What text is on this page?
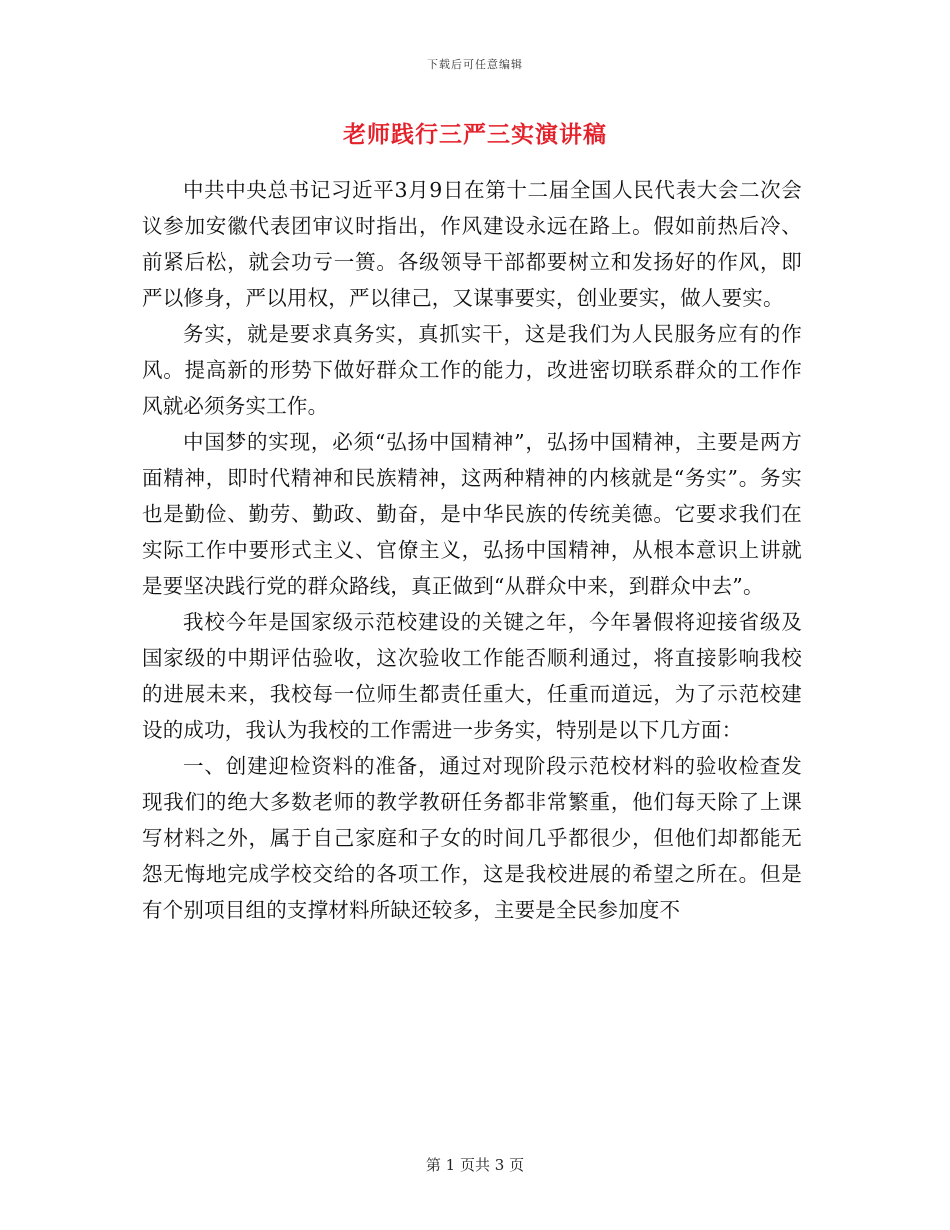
下载后可任意编辑
老师践行三严三实演讲稿

中共中央总书记习近平3月9日在第十二届全国人民代表大会二次会议参加安徽代表团审议时指出，作风建设永远在路上。假如前热后冷、前紧后松，就会功亏一篑。各级领导干部都要树立和发扬好的作风，即严以修身，严以用权，严以律己，又谋事要实，创业要实，做人要实。

务实，就是要求真务实，真抓实干，这是我们为人民服务应有的作风。提高新的形势下做好群众工作的能力，改进密切联系群众的工作作风就必须务实工作。

中国梦的实现，必须“弘扬中国精神”，弘扬中国精神，主要是两方面精神，即时代精神和民族精神，这两种精神的内核就是“务实”。务实也是勤俭、勤劳、勤政、勤奋，是中华民族的传统美德。它要求我们在实际工作中要形式主义、官僚主义，弘扬中国精神，从根本意识上讲就是要坚决践行党的群众路线，真正做到“从群众中来，到群众中去”。

我校今年是国家级示范校建设的关键之年，今年暑假将迎接省级及国家级的中期评估验收，这次验收工作能否顺利通过，将直接影响我校的进展未来，我校每一位师生都责任重大，任重而道远，为了示范校建设的成功，我认为我校的工作需进一步务实，特别是以下几方面：

一、创建迎检资料的准备，通过对现阶段示范校材料的验收检查发现我们的绝大多数老师的教学教研任务都非常繁重，他们每天除了上课写材料之外，属于自己家庭和子女的时间几乎都很少，但他们却都能无怨无悔地完成学校交给的各项工作，这是我校进展的希望之所在。但是有个别项目组的支撑材料所缺还较多，主要是全民参加度不

第 1 页共 3 页
